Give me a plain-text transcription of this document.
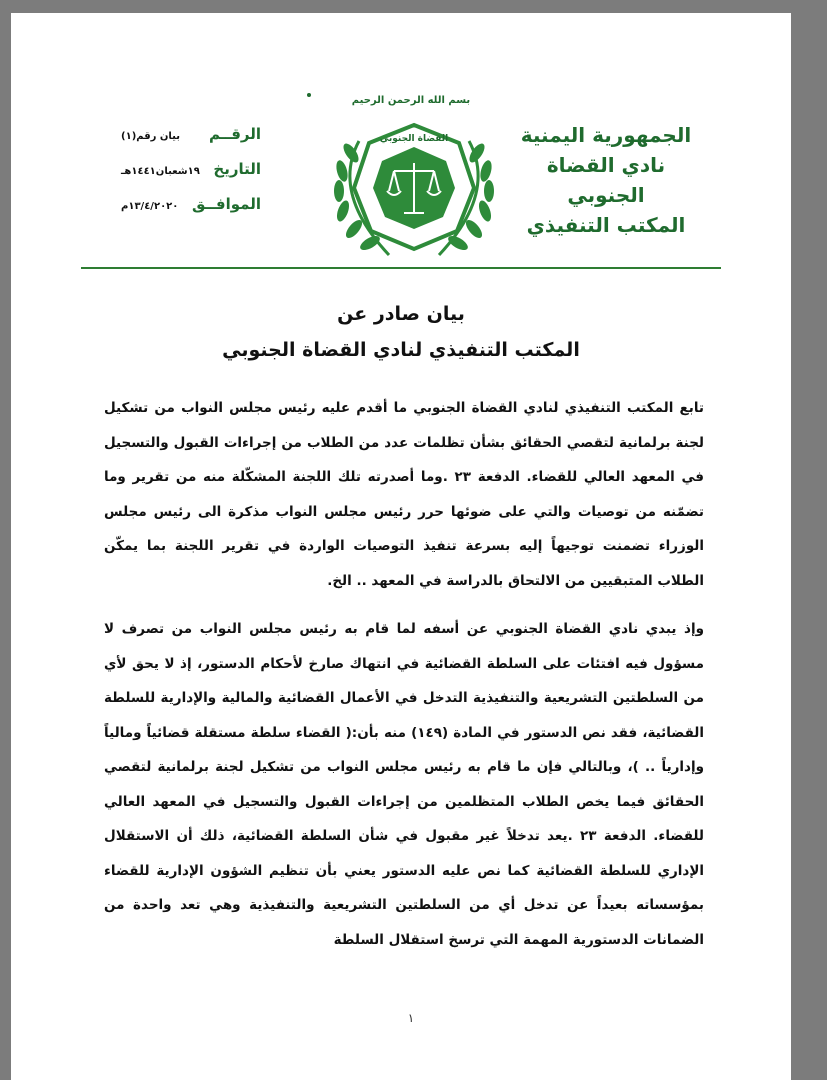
بسم الله الرحمن الرحيم
الجمهورية اليمنية
نادي القضاة الجنوبي
المكتب التنفيذي
الرقــم
بيان رقم(١)
التاريخ
١٩شعبان١٤٤١هـ
الموافــق
١٣/٤/٢٠٢٠م
القضاة الجنوبي
بيان صادر عن
المكتب التنفيذي لنادي القضاة الجنوبي

تابع المكتب التنفيذي لنادي القضاة الجنوبي ما أقدم عليه رئيس مجلس النواب من تشكيل لجنة برلمانية لتقصي الحقائق بشأن تظلمات عدد من الطلاب من إجراءات القبول والتسجيل في المعهد العالي للقضاء. الدفعة ٢٣ .وما أصدرته تلك اللجنة المشكّلة منه من تقرير وما تضمّنه من توصيات والتي على ضوئها حرر رئيس مجلس النواب مذكرة الى رئيس مجلس الوزراء تضمنت توجيهاً إليه بسرعة تنفيذ التوصيات الواردة في تقرير اللجنة بما يمكّن الطلاب المتبقيين من الالتحاق بالدراسة في المعهد .. الخ.

وإذ يبدي نادي القضاة الجنوبي عن أسفه لما قام به رئيس مجلس النواب من تصرف لا مسؤول فيه افتئات على السلطة القضائية في انتهاك صارخ لأحكام الدستور، إذ لا يحق لأي من السلطتين التشريعية والتنفيذية التدخل في الأعمال القضائية والمالية والإدارية للسلطة القضائية، فقد نص الدستور في المادة (١٤٩) منه بأن:( القضاء سلطة مستقلة قضائياً ومالياً وإدارياً .. )، وبالتالي فإن ما قام به رئيس مجلس النواب من تشكيل لجنة برلمانية لتقصي الحقائق فيما يخص الطلاب المتظلمين من إجراءات القبول والتسجيل في المعهد العالي للقضاء. الدفعة ٢٣ .يعد تدخلاً غير مقبول في شأن السلطة القضائية، ذلك أن الاستقلال الإداري للسلطة القضائية كما نص عليه الدستور يعني بأن تنظيم الشؤون الإدارية للقضاء بمؤسساته بعيداً عن تدخل أي من السلطتين التشريعية والتنفيذية وهي تعد واحدة من الضمانات الدستورية المهمة التي ترسخ استقلال السلطة

١
